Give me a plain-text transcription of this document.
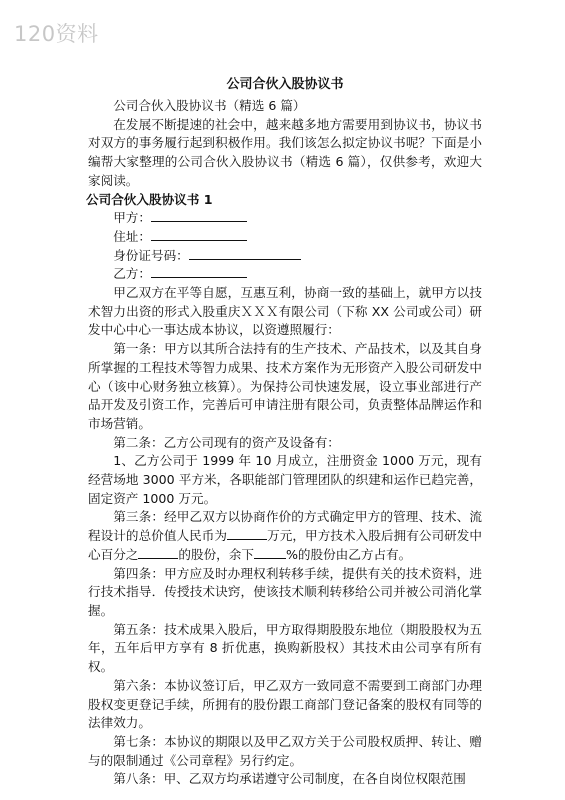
120资料
公司合伙入股协议书

公司合伙入股协议书（精选 6 篇）

在发展不断提速的社会中，越来越多地方需要用到协议书，协议书对双方的事务履行起到积极作用。我们该怎么拟定协议书呢？下面是小编帮大家整理的公司合伙入股协议书（精选 6 篇），仅供参考，欢迎大家阅读。

公司合伙入股协议书 1

甲方：

住址：

身份证号码：

乙方：

甲乙双方在平等自愿，互惠互利，协商一致的基础上，就甲方以技术智力出资的形式入股重庆ＸＸＸ有限公司（下称 XX 公司或公司）研发中心中心一事达成本协议，以资遵照履行：

第一条：甲方以其所合法持有的生产技术、产品技术，以及其自身所掌握的工程技术等智力成果、技术方案作为无形资产入股公司研发中心（该中心财务独立核算）。为保持公司快速发展，设立事业部进行产品开发及引资工作，完善后可申请注册有限公司，负责整体品牌运作和市场营销。

第二条：乙方公司现有的资产及设备有：

1、乙方公司于 1999 年 10 月成立，注册资金 1000 万元，现有经营场地 3000 平方米，各职能部门管理团队的织建和运作已趋完善，固定资产 1000 万元。

第三条：经甲乙双方以协商作价的方式确定甲方的管理、技术、流程设计的总价值人民币为	万元，甲方技术入股后拥有公司研发中心百分之	的股份，余下	%的股份由乙方占有。

第四条：甲方应及时办理权利转移手续，提供有关的技术资料，进行技术指导．传授技术诀窍，使该技术顺利转移给公司并被公司消化掌握。

第五条：技术成果入股后，甲方取得期股股东地位（期股股权为五年，五年后甲方享有 8 折优惠，换购新股权）其技术由公司享有所有权。

第六条：本协议签订后，甲乙双方一致同意不需要到工商部门办理股权变更登记手续，所拥有的股份跟工商部门登记备案的股权有同等的法律效力。

第七条：本协议的期限以及甲乙双方关于公司股权质押、转让、赠与的限制通过《公司章程》另行约定。

第八条：甲、乙双方均承诺遵守公司制度，在各自岗位权限范围
